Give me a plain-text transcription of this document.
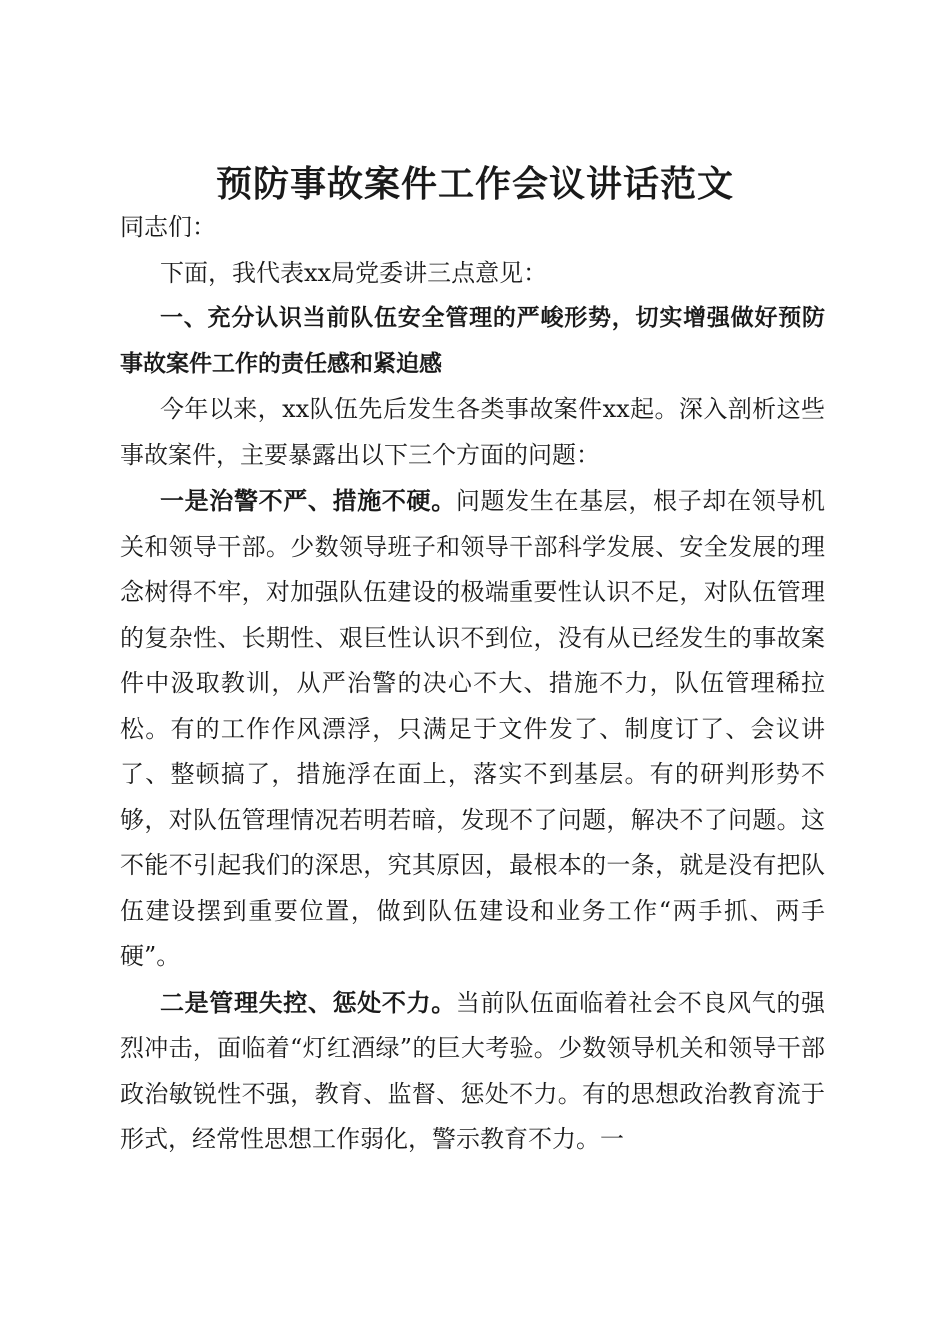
预防事故案件工作会议讲话范文

同志们：

下面，我代表xx局党委讲三点意见：

一、充分认识当前队伍安全管理的严峻形势，切实增强做好预防事故案件工作的责任感和紧迫感

今年以来，xx队伍先后发生各类事故案件xx起。深入剖析这些事故案件，主要暴露出以下三个方面的问题：

一是治警不严、措施不硬。问题发生在基层，根子却在领导机关和领导干部。少数领导班子和领导干部科学发展、安全发展的理念树得不牢，对加强队伍建设的极端重要性认识不足，对队伍管理的复杂性、长期性、艰巨性认识不到位，没有从已经发生的事故案件中汲取教训，从严治警的决心不大、措施不力，队伍管理稀拉松。有的工作作风漂浮，只满足于文件发了、制度订了、会议讲了、整顿搞了，措施浮在面上，落实不到基层。有的研判形势不够，对队伍管理情况若明若暗，发现不了问题，解决不了问题。这不能不引起我们的深思，究其原因，最根本的一条，就是没有把队伍建设摆到重要位置，做到队伍建设和业务工作“两手抓、两手硬”。

二是管理失控、惩处不力。当前队伍面临着社会不良风气的强烈冲击，面临着“灯红酒绿”的巨大考验。少数领导机关和领导干部政治敏锐性不强，教育、监督、惩处不力。有的思想政治教育流于形式，经常性思想工作弱化，警示教育不力。一
